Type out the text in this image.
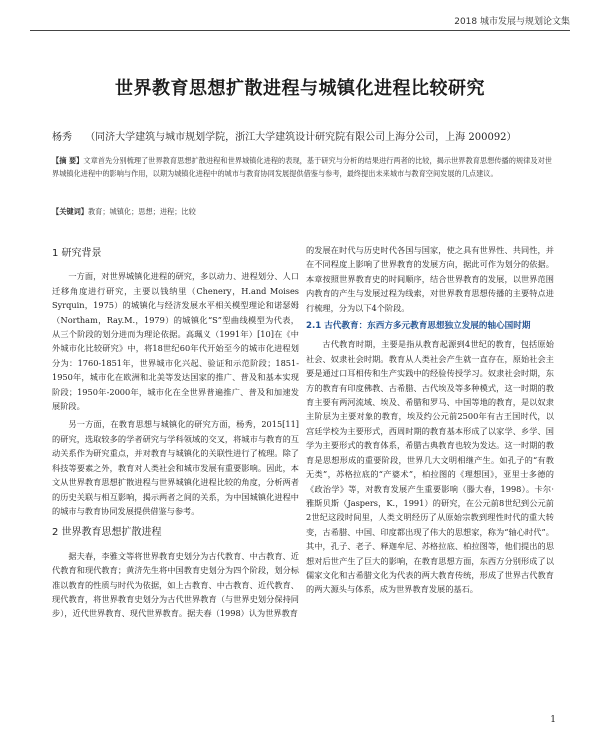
2018 城市发展与规划论文集
世界教育思想扩散进程与城镇化进程比较研究
杨秀 （同济大学建筑与城市规划学院，浙江大学建筑设计研究院有限公司上海分公司，上海 200092）
【摘 要】文章首先分别梳理了世界教育思想扩散进程和世界城镇化进程的表现，基于研究与分析的结果进行两者的比较，揭示世界教育思想传播的规律及对世界城镇化进程中的影响与作用，以期为城镇化进程中的城市与教育协同发展提供借鉴与参考，最终提出未来城市与教育空间发展的几点建议。
【关键词】教育；城镇化；思想；进程；比较
1 研究背景

一方面，对世界城镇化进程的研究，多以动力、进程划分、人口迁移角度进行研究，主要以钱纳里（Chenery，H.and Moises Syrquin，1975）的城镇化与经济发展水平相关模型理论和诺瑟姆（Northam，Ray.M.，1979）的城镇化“S”型曲线模型为代表，从三个阶段的划分进而为理论依据。高珮义（1991年）[10]在《中外城市化比较研究》中，将18世纪60年代开始至今的城市化进程划分为：1760-1851年，世界城市化兴起、验证和示范阶段；1851-1950年，城市化在欧洲和北美等发达国家的推广、普及和基本实现阶段；1950年-2000年，城市化在全世界普遍推广、普及和加速发展阶段。

另一方面，在教育思想与城镇化的研究方面，杨秀，2015[11]的研究，选取较多的学者研究与学科领域的交叉，将城市与教育的互动关系作为研究重点，并对教育与城镇化的关联性进行了梳理。除了科技等要素之外，教育对人类社会和城市发展有重要影响。因此，本文从世界教育思想扩散进程与世界城镇化进程比较的角度，分析两者的历史关联与相互影响，揭示两者之间的关系，为中国城镇化进程中的城市与教育协同发展提供借鉴与参考。

2 世界教育思想扩散进程

据夫春，李雅文等将世界教育史划分为古代教育、中古教育、近代教育和现代教育；黄济先生将中国教育史划分为四个阶段，划分标准以教育的性质与时代为依据，如上古教育、中古教育、近代教育、现代教育，将世界教育史划分为古代世界教育（与世界史划分保持同步），近代世界教育、现代世界教育。据夫春（1998）认为世界教育

的发展在时代与历史时代各国与国家，使之具有世界性、共同性，并在不同程度上影响了世界教育的发展方向，据此可作为划分的依据。本章按照世界教育史的时间顺序，结合世界教育的发展，以世界范围内教育的产生与发展过程为线索，对世界教育思想传播的主要特点进行梳理，分为以下4个阶段。

2.1 古代教育：东西方多元教育思想独立发展的轴心国时期

古代教育时期，主要是指从教育起源到4世纪的教育，包括原始社会、奴隶社会时期。教育从人类社会产生就一直存在，原始社会主要是通过口耳相传和生产实践中的经验传授学习。奴隶社会时期，东方的教育有印度佛教、古希腊、古代埃及等多种模式，这一时期的教育主要有两河流域、埃及、希腊和罗马、中国等地的教育，是以奴隶主阶层为主要对象的教育，埃及约公元前2500年有古王国时代，以宫廷学校为主要形式，西周时期的教育基本形成了以家学、乡学、国学为主要形式的教育体系，希腊古典教育也较为发达。这一时期的教育是思想形成的重要阶段，世界几大文明相继产生。如孔子的“有教无类”，苏格拉底的“产婆术”，柏拉图的《理想国》，亚里士多德的《政治学》等，对教育发展产生重要影响（滕大春，1998）。卡尔·雅斯贝斯（Jaspers，K.，1991）的研究，在公元前8世纪到公元前2世纪这段时间里，人类文明经历了从原始宗教到理性时代的重大转变，古希腊、中国、印度都出现了伟大的思想家，称为“轴心时代”。其中，孔子、老子、释迦牟尼、苏格拉底、柏拉图等，他们提出的思想对后世产生了巨大的影响，在教育思想方面，东西方分别形成了以儒家文化和古希腊文化为代表的两大教育传统，形成了世界古代教育的两大源头与体系，成为世界教育发展的基石。

1
